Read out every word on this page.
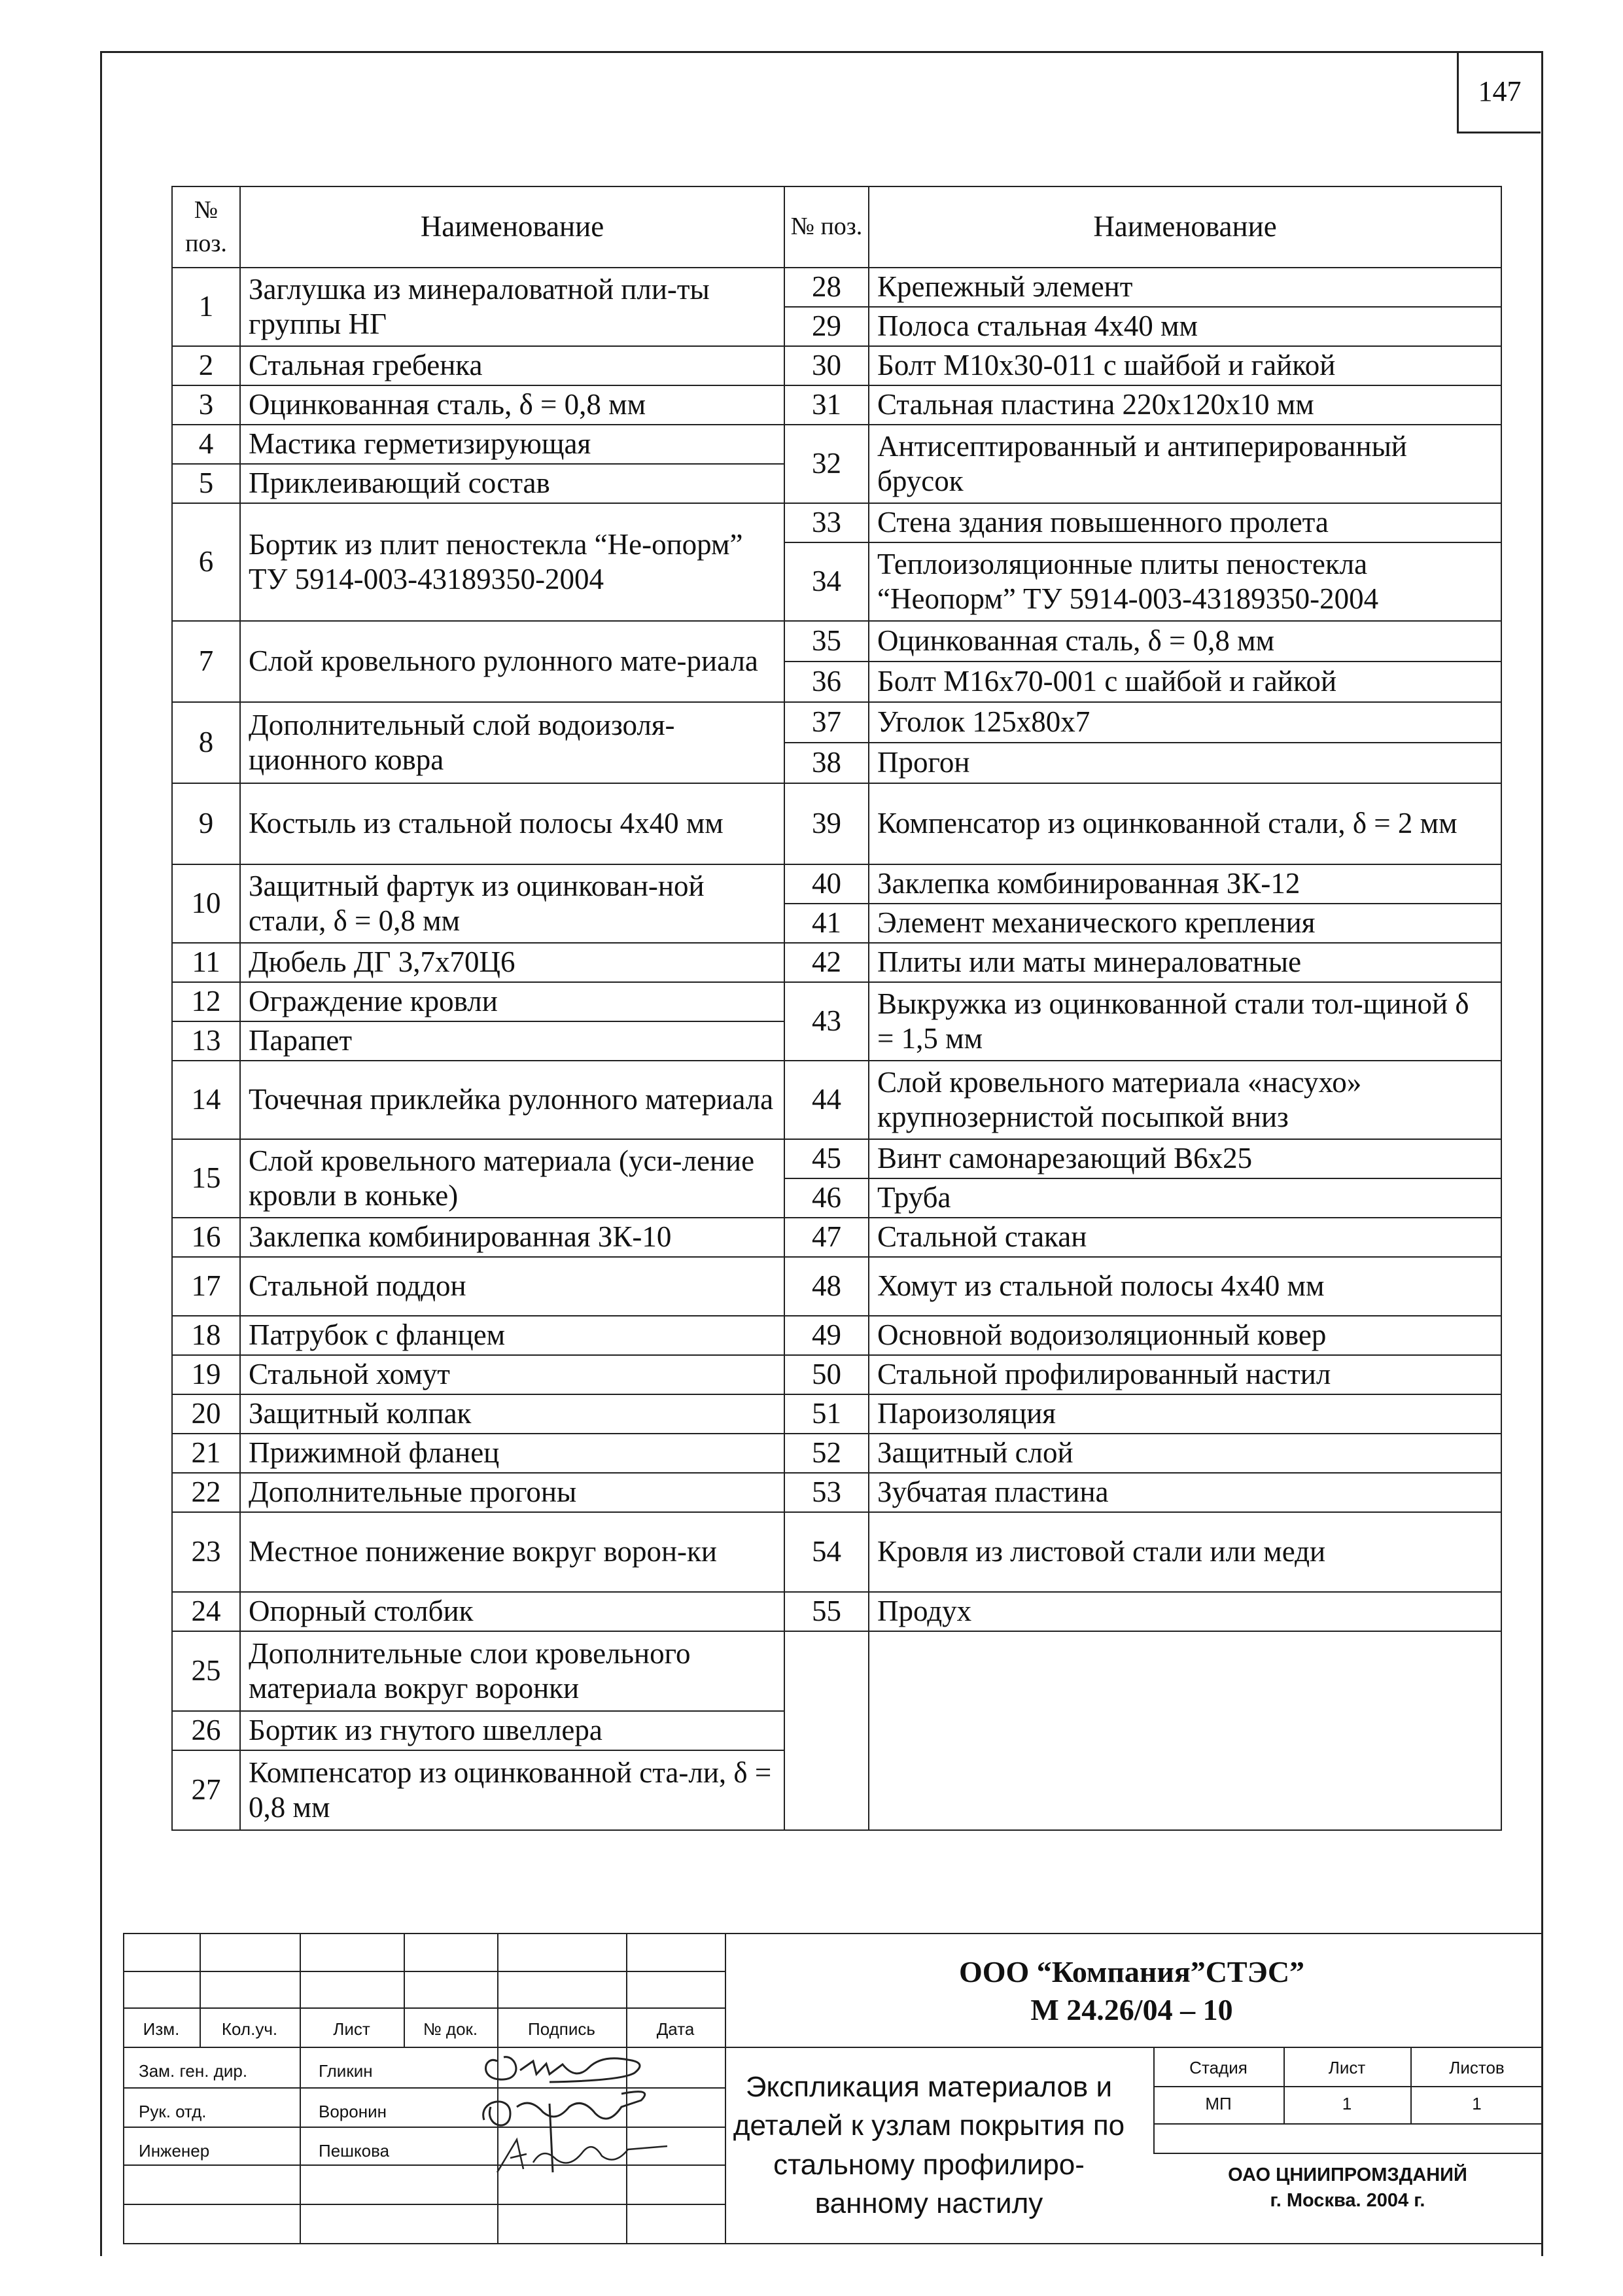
147
№ поз.	Наименование	№ поз.	Наименование
1	Заглушка из минераловатной пли-ты группы НГ	28	Крепежный элемент
		29	Полоса стальная 4х40 мм
2	Стальная гребенка	30	Болт М10х30-011 с шайбой и гайкой
3	Оцинкованная сталь, δ = 0,8 мм	31	Стальная пластина 220х120х10 мм
4	Мастика герметизирующая	32	Антисептированный и антиперированный брусок
5	Приклеивающий состав		
6	Бортик из плит пеностекла “Не-опорм” ТУ 5914-003-43189350-2004	33	Стена здания повышенного пролета
		34	Теплоизоляционные плиты пеностекла “Неопорм” ТУ 5914-003-43189350-2004
7	Слой кровельного рулонного мате-риала	35	Оцинкованная сталь, δ = 0,8 мм
		36	Болт М16х70-001 с шайбой и гайкой
8	Дополнительный слой водоизоля-ционного ковра	37	Уголок 125х80х7
		38	Прогон
9	Костыль из стальной полосы 4х40 мм	39	Компенсатор из оцинкованной стали, δ = 2 мм
10	Защитный фартук из оцинкован-ной стали, δ = 0,8 мм	40	Заклепка комбинированная ЗК-12
		41	Элемент механического крепления
11	Дюбель ДГ 3,7х70Ц6	42	Плиты или маты минераловатные
12	Ограждение кровли	43	Выкружка из оцинкованной стали тол-щиной δ = 1,5 мм
13	Парапет		
14	Точечная приклейка рулонного материала	44	Слой кровельного материала «насухо» крупнозернистой посыпкой вниз
15	Слой кровельного материала (уси-ление кровли в коньке)	45	Винт самонарезающий В6х25
		46	Труба
16	Заклепка комбинированная ЗК-10	47	Стальной стакан
17	Стальной поддон	48	Хомут из стальной полосы 4х40 мм
18	Патрубок с фланцем	49	Основной водоизоляционный ковер
19	Стальной хомут	50	Стальной профилированный настил
20	Защитный колпак	51	Пароизоляция
21	Прижимной фланец	52	Защитный слой
22	Дополнительные прогоны	53	Зубчатая пластина
23	Местное понижение вокруг ворон-ки	54	Кровля из листовой стали или меди
24	Опорный столбик	55	Продух
25	Дополнительные слои кровельного материала вокруг воронки		
26	Бортик из гнутого швеллера		
27	Компенсатор из оцинкованной ста-ли, δ = 0,8 мм		
Изм.	Кол.уч.	Лист	№ док.	Подпись	Дата
Зам. ген. дир.	Гликин
Рук. отд.	Воронин
Инженер	Пешкова
ООО “Компания”СТЭС”
М 24.26/04 – 10
Экспликация материалов и деталей к узлам покрытия по стальному профилиро-ванному настилу
Стадия	Лист	Листов
МП	1	1
ОАО ЦНИИПРОМЗДАНИЙ
г. Москва. 2004 г.
